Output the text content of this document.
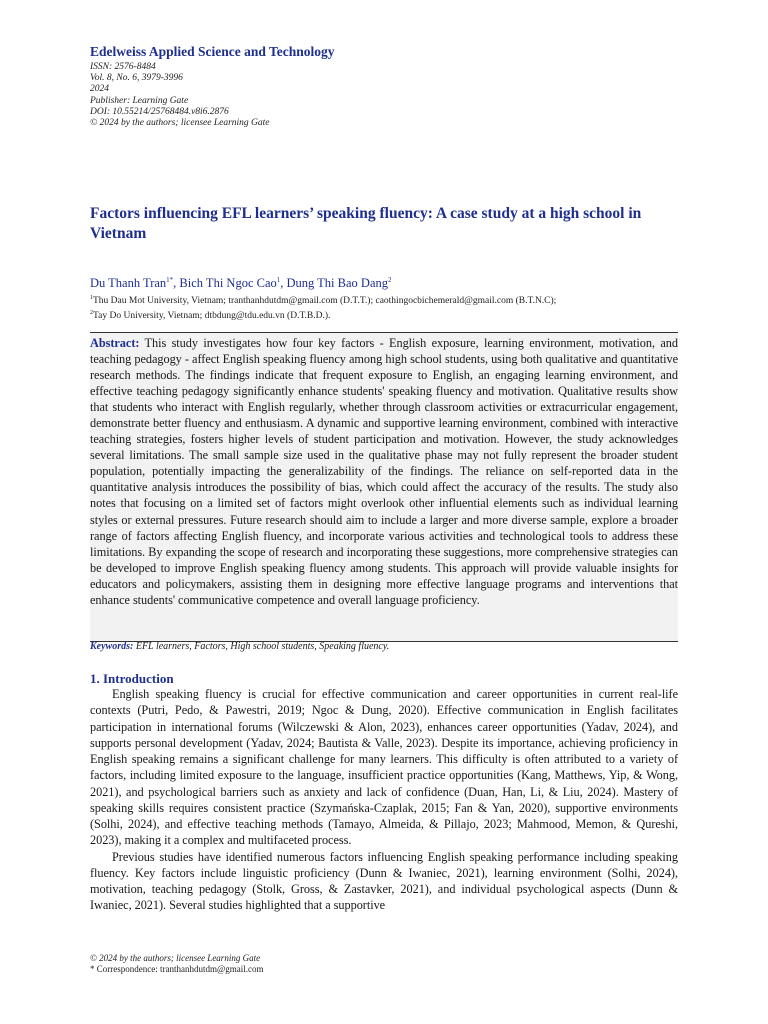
Edelweiss Applied Science and Technology
ISSN: 2576-8484
Vol. 8, No. 6, 3979-3996
2024
Publisher: Learning Gate
DOI: 10.55214/25768484.v8i6.2876
© 2024 by the authors; licensee Learning Gate
Factors influencing EFL learners’ speaking fluency: A case study at a high school in Vietnam
Du Thanh Tran$^{1*}$, Bich Thi Ngoc Cao$^1$, Dung Thi Bao Dang$^2$
$^1$Thu Dau Mot University, Vietnam; tranthanhdutdm@gmail.com (D.T.T.); caothingocbichemerald@gmail.com (B.T.N.C);
$^2$Tay Do University, Vietnam; dtbdung@tdu.edu.vn (D.T.B.D.).
Abstract: This study investigates how four key factors - English exposure, learning environment, motivation, and teaching pedagogy - affect English speaking fluency among high school students, using both qualitative and quantitative research methods. The findings indicate that frequent exposure to English, an engaging learning environment, and effective teaching pedagogy significantly enhance students' speaking fluency and motivation. Qualitative results show that students who interact with English regularly, whether through classroom activities or extracurricular engagement, demonstrate better fluency and enthusiasm. A dynamic and supportive learning environment, combined with interactive teaching strategies, fosters higher levels of student participation and motivation. However, the study acknowledges several limitations. The small sample size used in the qualitative phase may not fully represent the broader student population, potentially impacting the generalizability of the findings. The reliance on self-reported data in the quantitative analysis introduces the possibility of bias, which could affect the accuracy of the results. The study also notes that focusing on a limited set of factors might overlook other influential elements such as individual learning styles or external pressures. Future research should aim to include a larger and more diverse sample, explore a broader range of factors affecting English fluency, and incorporate various activities and technological tools to address these limitations. By expanding the scope of research and incorporating these suggestions, more comprehensive strategies can be developed to improve English speaking fluency among students. This approach will provide valuable insights for educators and policymakers, assisting them in designing more effective language programs and interventions that enhance students' communicative competence and overall language proficiency.
Keywords: EFL learners, Factors, High school students, Speaking fluency.
1. Introduction

English speaking fluency is crucial for effective communication and career opportunities in current real-life contexts (Putri, Pedo, & Pawestri, 2019; Ngoc & Dung, 2020). Effective communication in English facilitates participation in international forums (Wilczewski & Alon, 2023), enhances career opportunities (Yadav, 2024), and supports personal development (Yadav, 2024; Bautista & Valle, 2023). Despite its importance, achieving proficiency in English speaking remains a significant challenge for many learners. This difficulty is often attributed to a variety of factors, including limited exposure to the language, insufficient practice opportunities (Kang, Matthews, Yip, & Wong, 2021), and psychological barriers such as anxiety and lack of confidence (Duan, Han, Li, & Liu, 2024). Mastery of speaking skills requires consistent practice (Szymańska-Czaplak, 2015; Fan & Yan, 2020), supportive environments (Solhi, 2024), and effective teaching methods (Tamayo, Almeida, & Pillajo, 2023; Mahmood, Memon, & Qureshi, 2023), making it a complex and multifaceted process.

Previous studies have identified numerous factors influencing English speaking performance including speaking fluency. Key factors include linguistic proficiency (Dunn & Iwaniec, 2021), learning environment (Solhi, 2024), motivation, teaching pedagogy (Stolk, Gross, & Zastavker, 2021), and individual psychological aspects (Dunn & Iwaniec, 2021). Several studies highlighted that a supportive

© 2024 by the authors; licensee Learning Gate
* Correspondence: tranthanhdutdm@gmail.com
